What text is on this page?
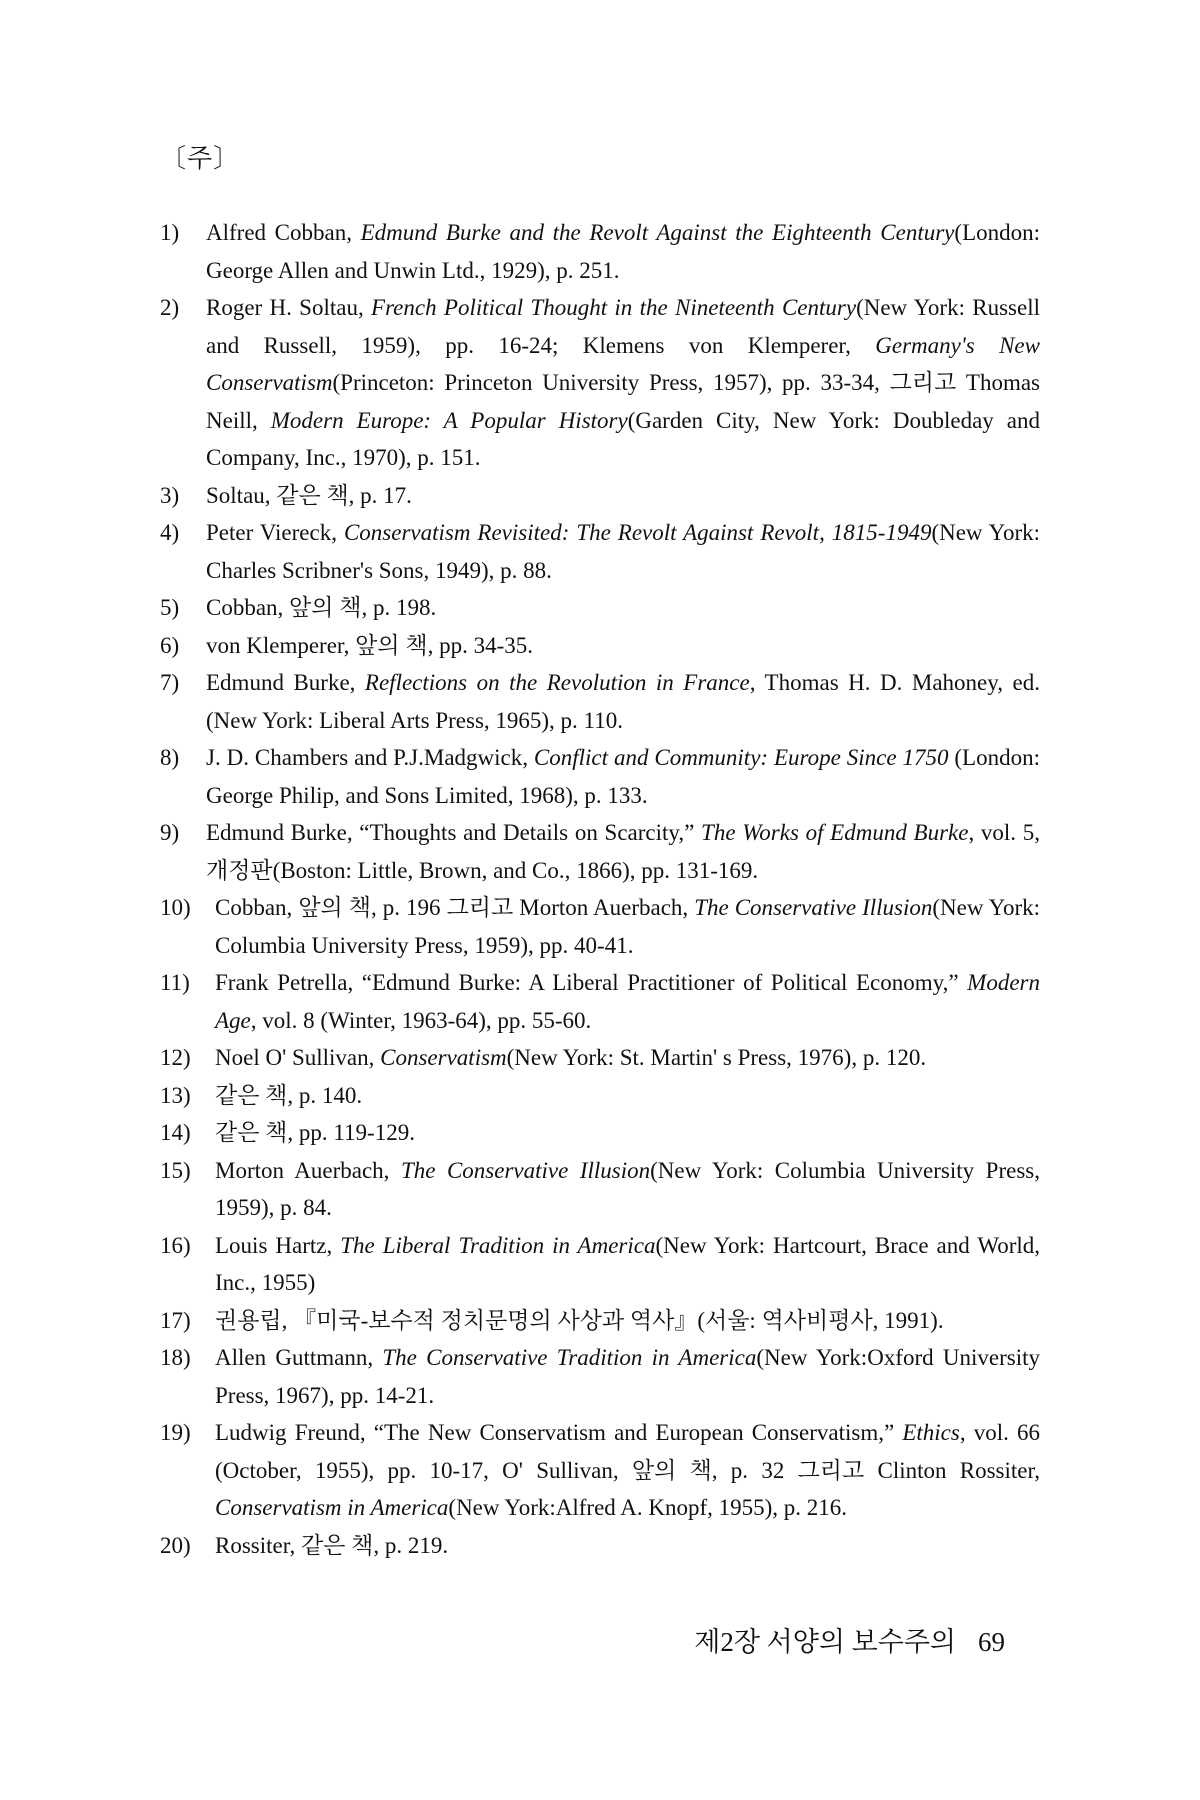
〔주〕
1)	Alfred Cobban, Edmund Burke and the Revolt Against the Eighteenth Century(London: George Allen and Unwin Ltd., 1929), p. 251.
2)	Roger H. Soltau, French Political Thought in the Nineteenth Century(New York: Russell and Russell, 1959), pp. 16-24; Klemens von Klemperer, Germany's New Conservatism(Princeton: Princeton University Press, 1957), pp. 33-34, 그리고 Thomas Neill, Modern Europe: A Popular History(Garden City, New York: Doubleday and Company, Inc., 1970), p. 151.
3)	Soltau, 같은 책, p. 17.
4)	Peter Viereck, Conservatism Revisited: The Revolt Against Revolt, 1815-1949(New York: Charles Scribner's Sons, 1949), p. 88.
5)	Cobban, 앞의 책, p. 198.
6)	von Klemperer, 앞의 책, pp. 34-35.
7)	Edmund Burke, Reflections on the Revolution in France, Thomas H. D. Mahoney, ed.(New York: Liberal Arts Press, 1965), p. 110.
8)	J. D. Chambers and P.J.Madgwick, Conflict and Community: Europe Since 1750 (London: George Philip, and Sons Limited, 1968), p. 133.
9)	Edmund Burke, “Thoughts and Details on Scarcity,” The Works of Edmund Burke, vol. 5, 개정판(Boston: Little, Brown, and Co., 1866), pp. 131-169.
10)	Cobban, 앞의 책, p. 196 그리고 Morton Auerbach, The Conservative Illusion(New York: Columbia University Press, 1959), pp. 40-41.
11)	Frank Petrella, “Edmund Burke: A Liberal Practitioner of Political Economy,” Modern Age, vol. 8 (Winter, 1963-64), pp. 55-60.
12)	Noel O' Sullivan, Conservatism(New York: St. Martin' s Press, 1976), p. 120.
13)	같은 책, p. 140.
14)	같은 책, pp. 119-129.
15)	Morton Auerbach, The Conservative Illusion(New York: Columbia University Press, 1959), p. 84.
16)	Louis Hartz, The Liberal Tradition in America(New York: Hartcourt, Brace and World, Inc., 1955)
17)	권용립, 『미국-보수적 정치문명의 사상과 역사』(서울: 역사비평사, 1991).
18)	Allen Guttmann, The Conservative Tradition in America(New York:Oxford University Press, 1967), pp. 14-21.
19)	Ludwig Freund, “The New Conservatism and European Conservatism,” Ethics, vol. 66 (October, 1955), pp. 10-17, O' Sullivan, 앞의 책, p. 32 그리고 Clinton Rossiter, Conservatism in America(New York:Alfred A. Knopf, 1955), p. 216.
20)	Rossiter, 같은 책, p. 219.
제2장 서양의 보수주의 69
